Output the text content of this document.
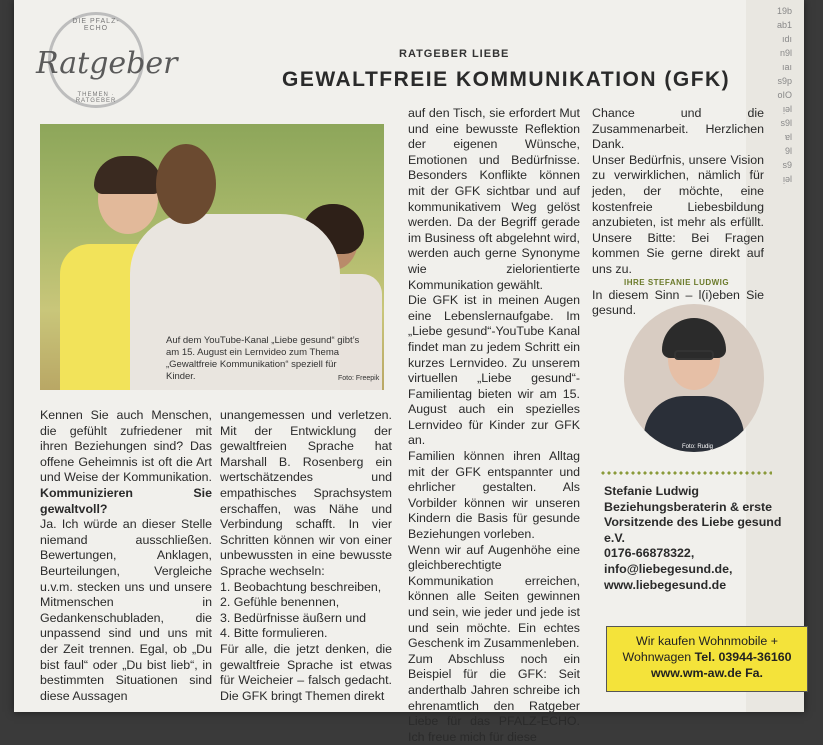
DIE PFALZ-ECHO
Ratgeber
THEMEN · RATGEBER
RATGEBER LIEBE
GEWALTFREIE KOMMUNIKATION (GFK)
Auf dem YouTube-Kanal „Liebe gesund“ gibt’s am 15. August ein Lernvideo zum Thema „Gewaltfreie Kommunikation“ speziell für Kinder.	Foto: Freepik

Kennen Sie auch Menschen, die gefühlt zufriedener mit ihren Beziehungen sind? Das offene Geheimnis ist oft die Art und Weise der Kommunikation.

Kommunizieren Sie gewaltvoll?

Ja. Ich würde an dieser Stelle niemand ausschließen. Bewertungen, Anklagen, Beurteilungen, Vergleiche u.v.m. stecken uns und unsere Mitmenschen in Gedankenschubladen, die unpassend sind und uns mit der Zeit trennen. Egal, ob „Du bist faul“ oder „Du bist lieb“, in bestimmten Situationen sind diese Aussagen

unangemessen und verletzen. Mit der Entwicklung der gewaltfreien Sprache hat Marshall B. Rosenberg ein wertschätzendes und empathisches Sprachsystem erschaffen, was Nähe und Verbindung schafft. In vier Schritten können wir von einer unbewussten in eine bewusste Sprache wechseln:

1. Beobachtung beschreiben,

2. Gefühle benennen,

3. Bedürfnisse äußern und

4. Bitte formulieren.

Für alle, die jetzt denken, die gewaltfreie Sprache ist etwas für Weicheier – falsch gedacht. Die GFK bringt Themen direkt

auf den Tisch, sie erfordert Mut und eine bewusste Reflektion der eigenen Wünsche, Emotionen und Bedürfnisse. Besonders Konflikte können mit der GFK sichtbar und auf kommunikativem Weg gelöst werden. Da der Begriff gerade im Business oft abgelehnt wird, werden auch gerne Synonyme wie zielorientierte Kommunikation gewählt.

Die GFK ist in meinen Augen eine Lebenslernaufgabe. Im „Liebe gesund“-YouTube Kanal findet man zu jedem Schritt ein kurzes Lernvideo. Zu unserem virtuellen „Liebe gesund“-Familientag bieten wir am 15. August auch ein spezielles Lernvideo für Kinder zur GFK an.

Familien können ihren Alltag mit der GFK entspannter und ehrlicher gestalten. Als Vorbilder können wir unseren Kindern die Basis für gesunde Beziehungen vorleben.

Wenn wir auf Augenhöhe eine gleichberechtigte Kommunikation erreichen, können alle Seiten gewinnen und sein, wie jeder und jede ist und sein möchte. Ein echtes Geschenk im Zusammenleben.

Zum Abschluss noch ein Beispiel für die GFK: Seit anderthalb Jahren schreibe ich ehrenamtlich den Ratgeber Liebe für das PFALZ-ECHO. Ich freue mich für diese

Chance und die Zusammenarbeit. Herzlichen Dank.

Unser Bedürfnis, unsere Vision zu verwirklichen, nämlich für jeden, der möchte, eine kostenfreie Liebesbildung anzubieten, ist mehr als erfüllt. Unsere Bitte: Bei Fragen kommen Sie gerne direkt auf uns zu.

In diesem Sinn – l(i)eben Sie gesund.

IHRE STEFANIE LUDWIG
Foto: Rudig
Stefanie Ludwig
Beziehungsberaterin & erste Vorsitzende des Liebe gesund e.V.
0176-66878322,
info@liebegesund.de,
www.liebegesund.de
Wir kaufen Wohnmobile +
Wohnwagen Tel. 03944-36160
www.wm-aw.de Fa.
19b
ab1
ıdı
n9l
ıaı
s9p
oIO
ᴉəl
s9l
ɐl
9l
s9
ᴉəl
